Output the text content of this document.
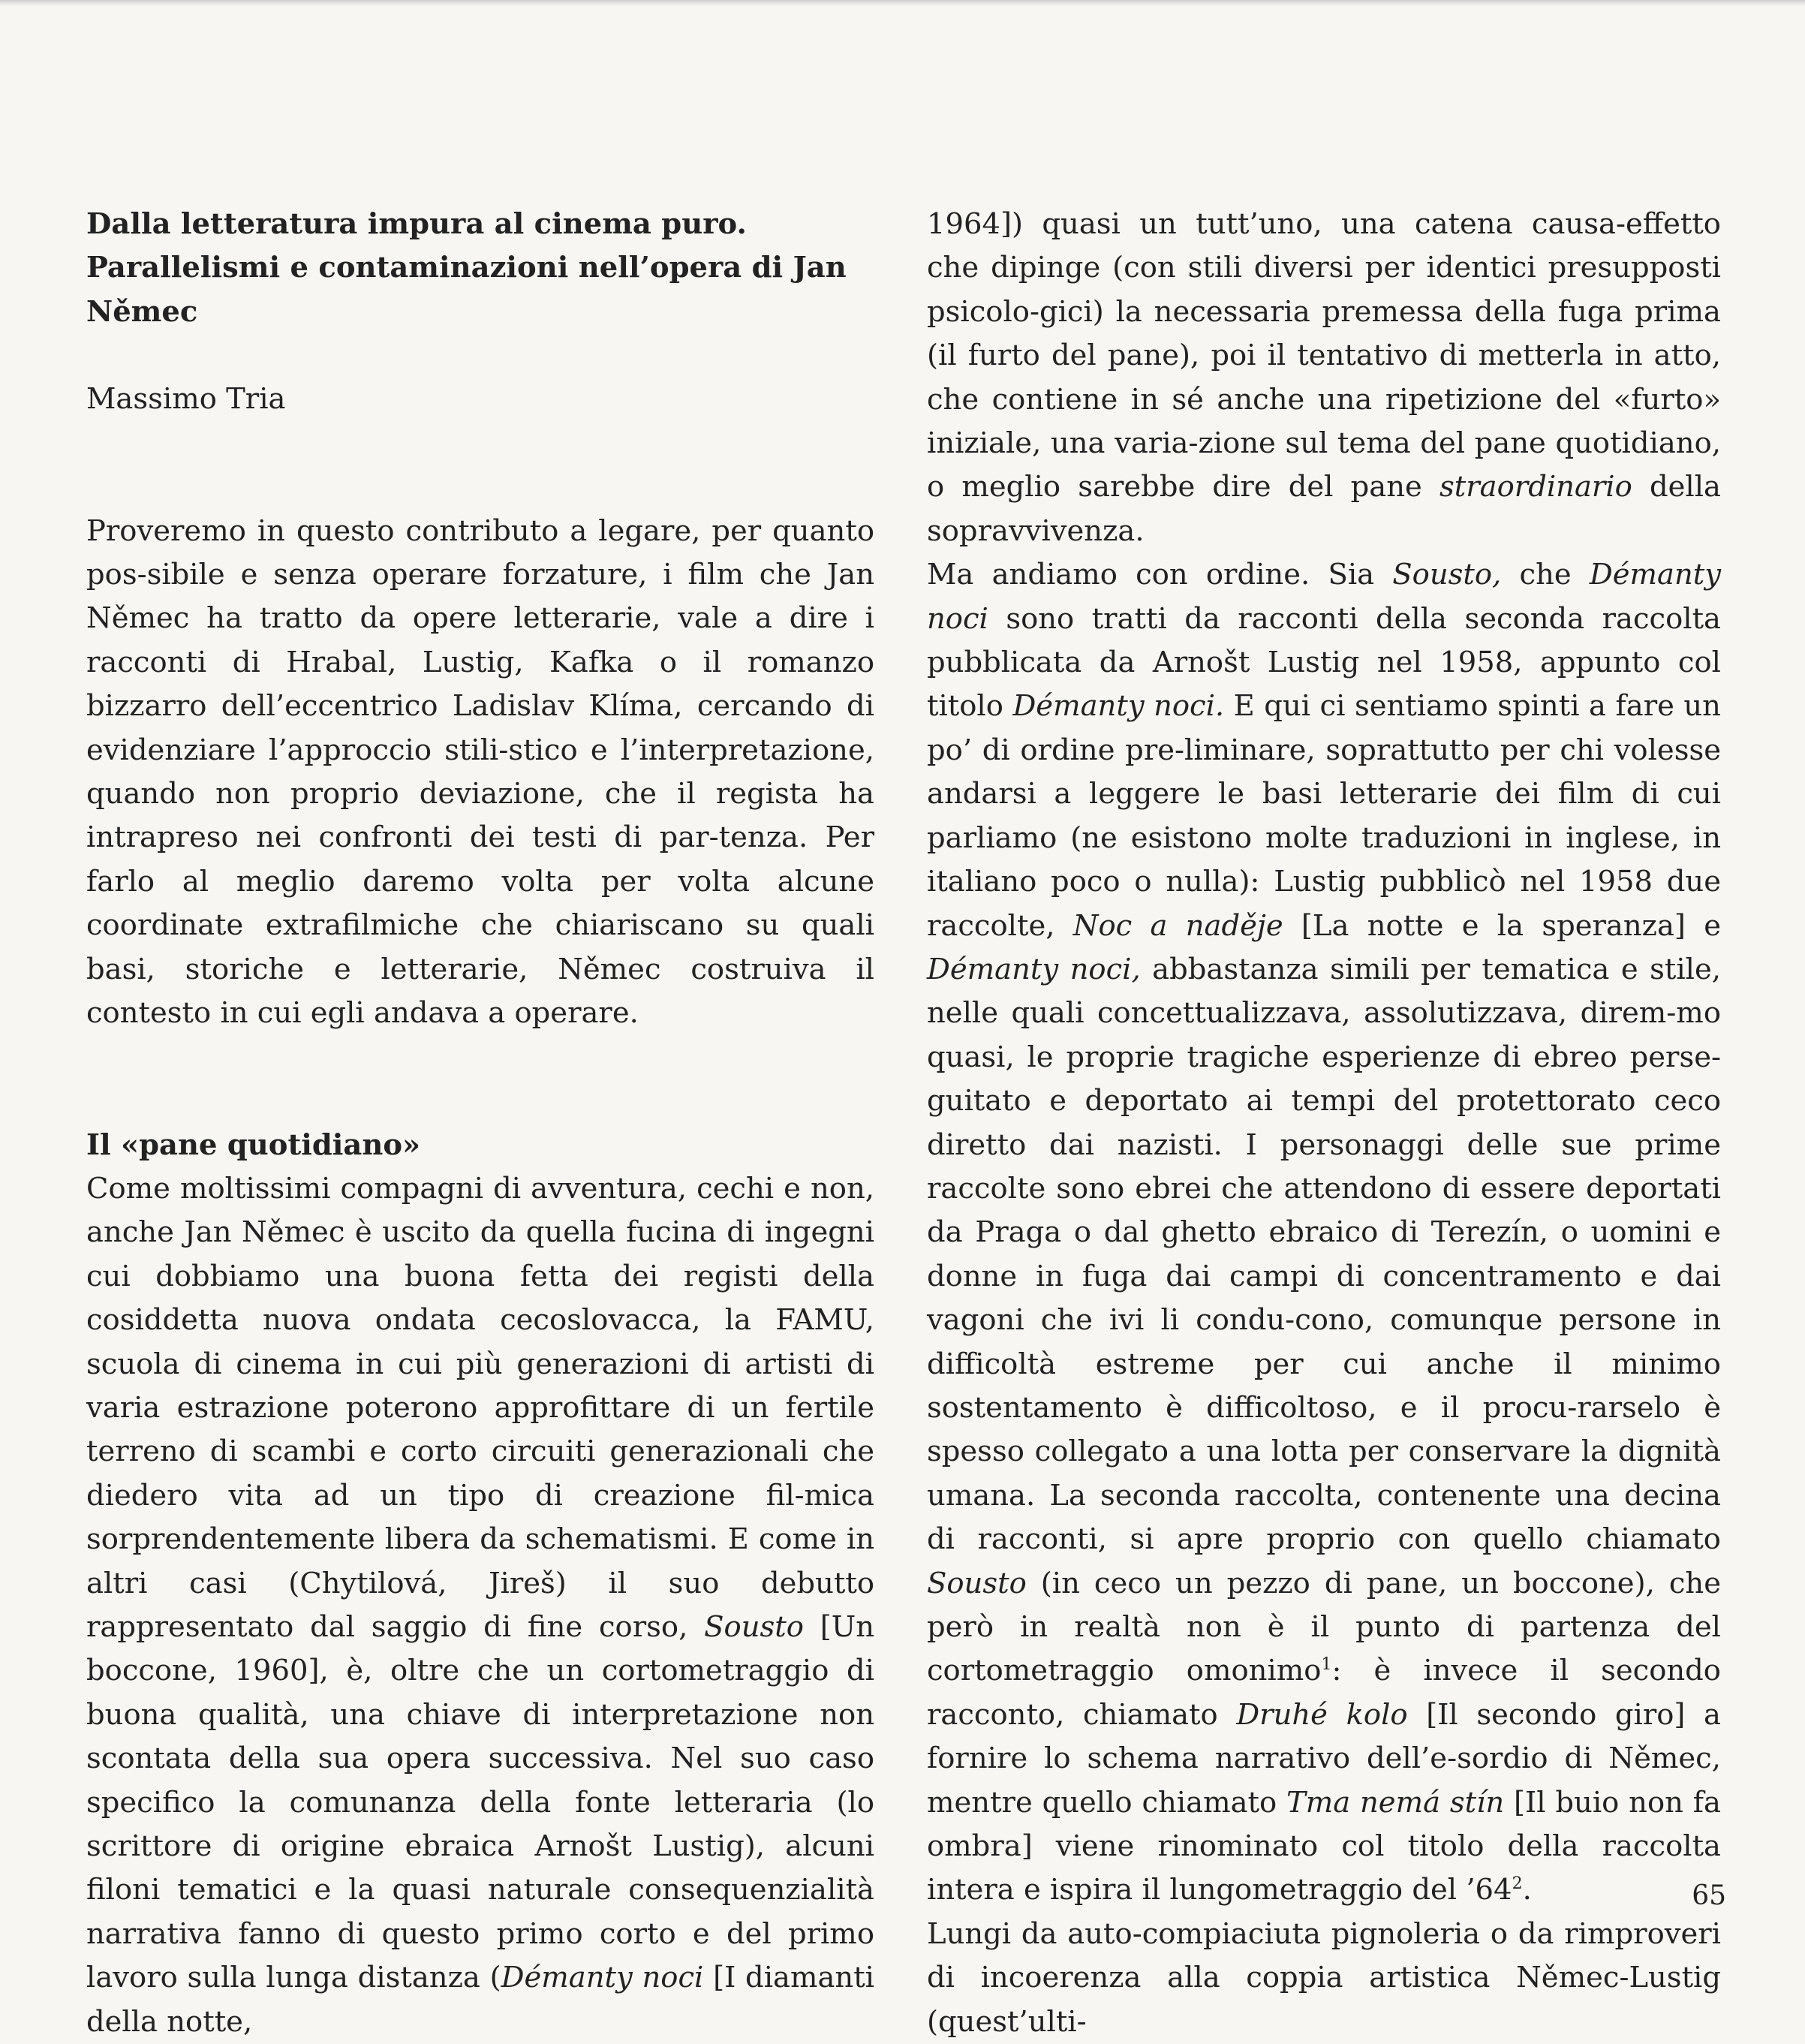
Dalla letteratura impura al cinema puro.
Parallelismi e contaminazioni nell’opera di Jan Němec
Massimo Tria

Proveremo in questo contributo a legare, per quanto pos-sibile e senza operare forzature, i film che Jan Němec ha tratto da opere letterarie, vale a dire i racconti di Hrabal, Lustig, Kafka o il romanzo bizzarro dell’eccentrico Ladislav Klíma, cercando di evidenziare l’approccio stili-stico e l’interpretazione, quando non proprio deviazione, che il regista ha intrapreso nei confronti dei testi di par-tenza. Per farlo al meglio daremo volta per volta alcune coordinate extrafilmiche che chiariscano su quali basi, storiche e letterarie, Němec costruiva il contesto in cui egli andava a operare.

Il «pane quotidiano»

Come moltissimi compagni di avventura, cechi e non, anche Jan Němec è uscito da quella fucina di ingegni cui dobbiamo una buona fetta dei registi della cosiddetta nuova ondata cecoslovacca, la FAMU, scuola di cinema in cui più generazioni di artisti di varia estrazione poterono approfittare di un fertile terreno di scambi e corto circuiti generazionali che diedero vita ad un tipo di creazione fil-mica sorprendentemente libera da schematismi. E come in altri casi (Chytilová, Jireš) il suo debutto rappresentato dal saggio di fine corso, Sousto [Un boccone, 1960], è, oltre che un cortometraggio di buona qualità, una chiave di interpretazione non scontata della sua opera successiva. Nel suo caso specifico la comunanza della fonte letteraria (lo scrittore di origine ebraica Arnošt Lustig), alcuni filoni tematici e la quasi naturale consequenzialità narrativa fanno di questo primo corto e del primo lavoro sulla lunga distanza (Démanty noci [I diamanti della notte,

1964]) quasi un tutt’uno, una catena causa-effetto che dipinge (con stili diversi per identici presupposti psicolo-gici) la necessaria premessa della fuga prima (il furto del pane), poi il tentativo di metterla in atto, che contiene in sé anche una ripetizione del «furto» iniziale, una varia-zione sul tema del pane quotidiano, o meglio sarebbe dire del pane straordinario della sopravvivenza.

Ma andiamo con ordine. Sia Sousto, che Démanty noci sono tratti da racconti della seconda raccolta pubblicata da Arnošt Lustig nel 1958, appunto col titolo Démanty noci. E qui ci sentiamo spinti a fare un po’ di ordine pre-liminare, soprattutto per chi volesse andarsi a leggere le basi letterarie dei film di cui parliamo (ne esistono molte traduzioni in inglese, in italiano poco o nulla): Lustig pubblicò nel 1958 due raccolte, Noc a naděje [La notte e la speranza] e Démanty noci, abbastanza simili per tematica e stile, nelle quali concettualizzava, assolutizzava, direm-mo quasi, le proprie tragiche esperienze di ebreo perse-guitato e deportato ai tempi del protettorato ceco diretto dai nazisti. I personaggi delle sue prime raccolte sono ebrei che attendono di essere deportati da Praga o dal ghetto ebraico di Terezín, o uomini e donne in fuga dai campi di concentramento e dai vagoni che ivi li condu-cono, comunque persone in difficoltà estreme per cui anche il minimo sostentamento è difficoltoso, e il procu-rarselo è spesso collegato a una lotta per conservare la dignità umana. La seconda raccolta, contenente una decina di racconti, si apre proprio con quello chiamato Sousto (in ceco un pezzo di pane, un boccone), che però in realtà non è il punto di partenza del cortometraggio omonimo$^1$: è invece il secondo racconto, chiamato Druhé kolo [Il secondo giro] a fornire lo schema narrativo dell’e-sordio di Němec, mentre quello chiamato Tma nemá stín [Il buio non fa ombra] viene rinominato col titolo della raccolta intera e ispira il lungometraggio del $’64^2$.

Lungi da auto-compiaciuta pignoleria o da rimproveri di incoerenza alla coppia artistica Němec-Lustig (quest’ulti-

65
